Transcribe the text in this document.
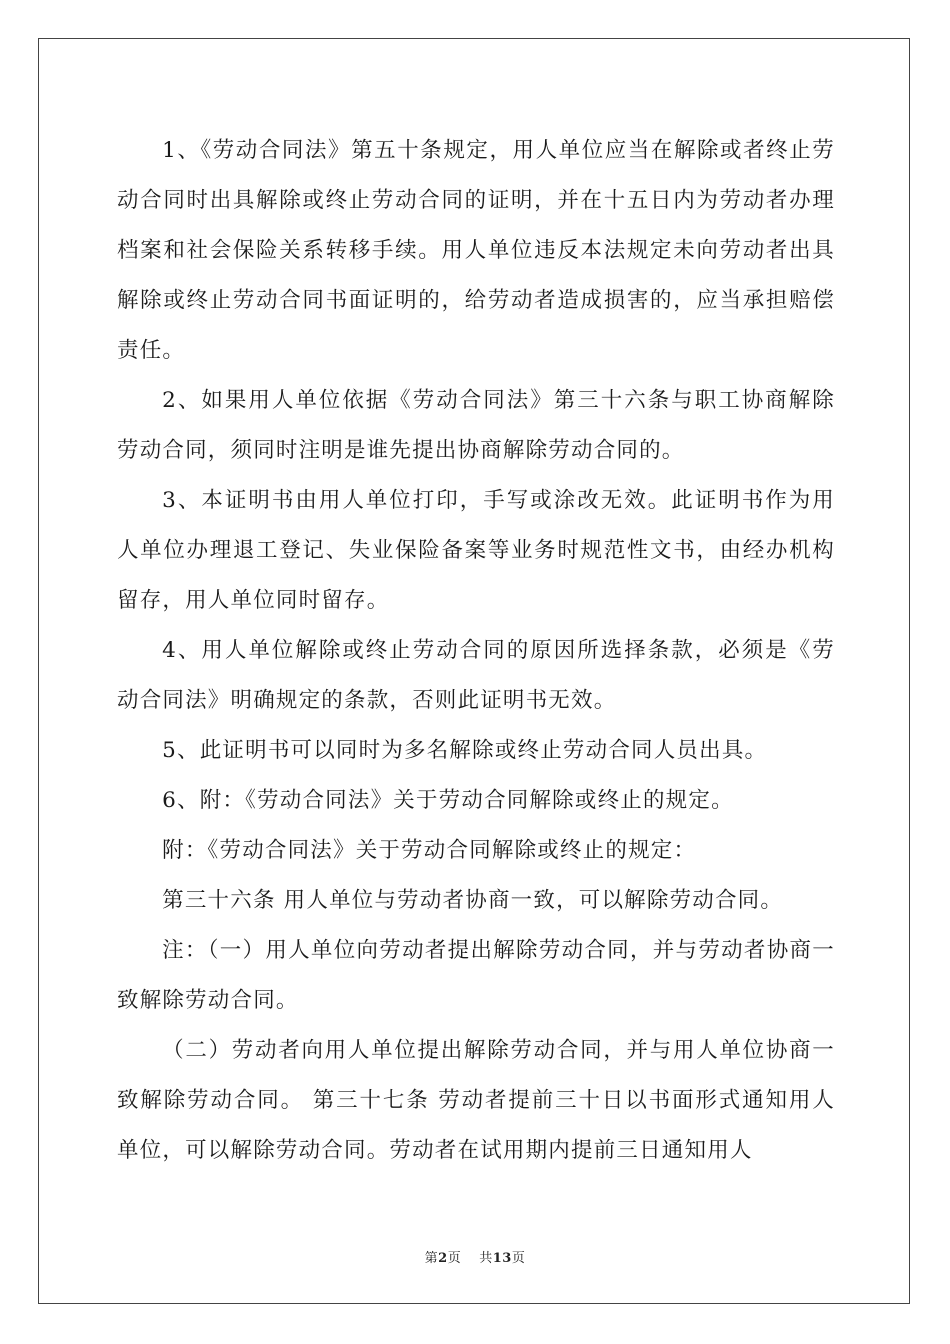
1、《劳动合同法》第五十条规定，用人单位应当在解除或者终止劳动合同时出具解除或终止劳动合同的证明，并在十五日内为劳动者办理档案和社会保险关系转移手续。用人单位违反本法规定未向劳动者出具解除或终止劳动合同书面证明的，给劳动者造成损害的，应当承担赔偿责任。

2、如果用人单位依据《劳动合同法》第三十六条与职工协商解除劳动合同，须同时注明是谁先提出协商解除劳动合同的。

3、本证明书由用人单位打印，手写或涂改无效。此证明书作为用人单位办理退工登记、失业保险备案等业务时规范性文书，由经办机构留存，用人单位同时留存。

4、用人单位解除或终止劳动合同的原因所选择条款，必须是《劳动合同法》明确规定的条款，否则此证明书无效。

5、此证明书可以同时为多名解除或终止劳动合同人员出具。

6、附：《劳动合同法》关于劳动合同解除或终止的规定。

附：《劳动合同法》关于劳动合同解除或终止的规定：

第三十六条 用人单位与劳动者协商一致，可以解除劳动合同。

注：（一）用人单位向劳动者提出解除劳动合同，并与劳动者协商一致解除劳动合同。

（二）劳动者向用人单位提出解除劳动合同，并与用人单位协商一致解除劳动合同。 第三十七条 劳动者提前三十日以书面形式通知用人单位，可以解除劳动合同。劳动者在试用期内提前三日通知用人

第2页 共13页
